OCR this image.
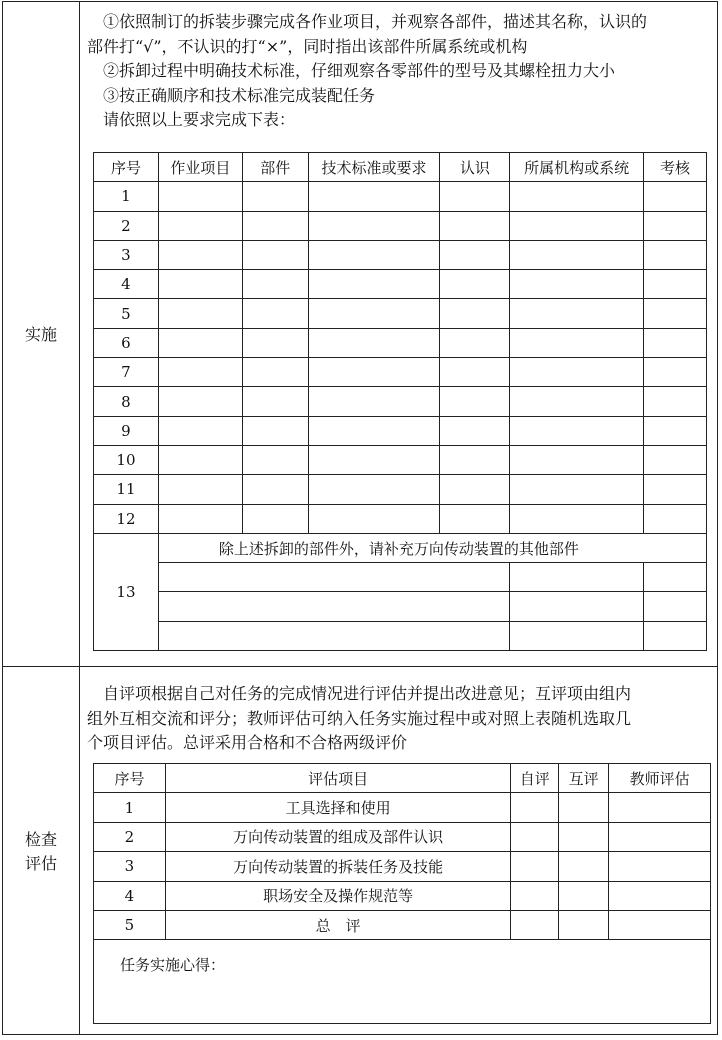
实施
检查
评估

①依照制订的拆装步骤完成各作业项目，并观察各部件，描述其名称，认识的

部件打“√”，不认识的打“×”，同时指出该部件所属系统或机构

②拆卸过程中明确技术标准，仔细观察各零部件的型号及其螺栓扭力大小

③按正确顺序和技术标准完成装配任务

请依照以上要求完成下表：

序号	作业项目	部件	技术标准或要求	认识	所属机构或系统	考核
1						
2						
3						
4						
5						
6						
7						
8						
9						
10						
11						
12						
13	除上述拆卸的部件外，请补充万向传动装置的其他部件					

自评项根据自己对任务的完成情况进行评估并提出改进意见；互评项由组内

组外互相交流和评分；教师评估可纳入任务实施过程中或对照上表随机选取几

个项目评估。总评采用合格和不合格两级评价

序号	评估项目	自评	互评	教师评估
1	工具选择和使用			
2	万向传动装置的组成及部件认识			
3	万向传动装置的拆装任务及技能			
4	职场安全及操作规范等			
5	总　评			
任务实施心得：				
